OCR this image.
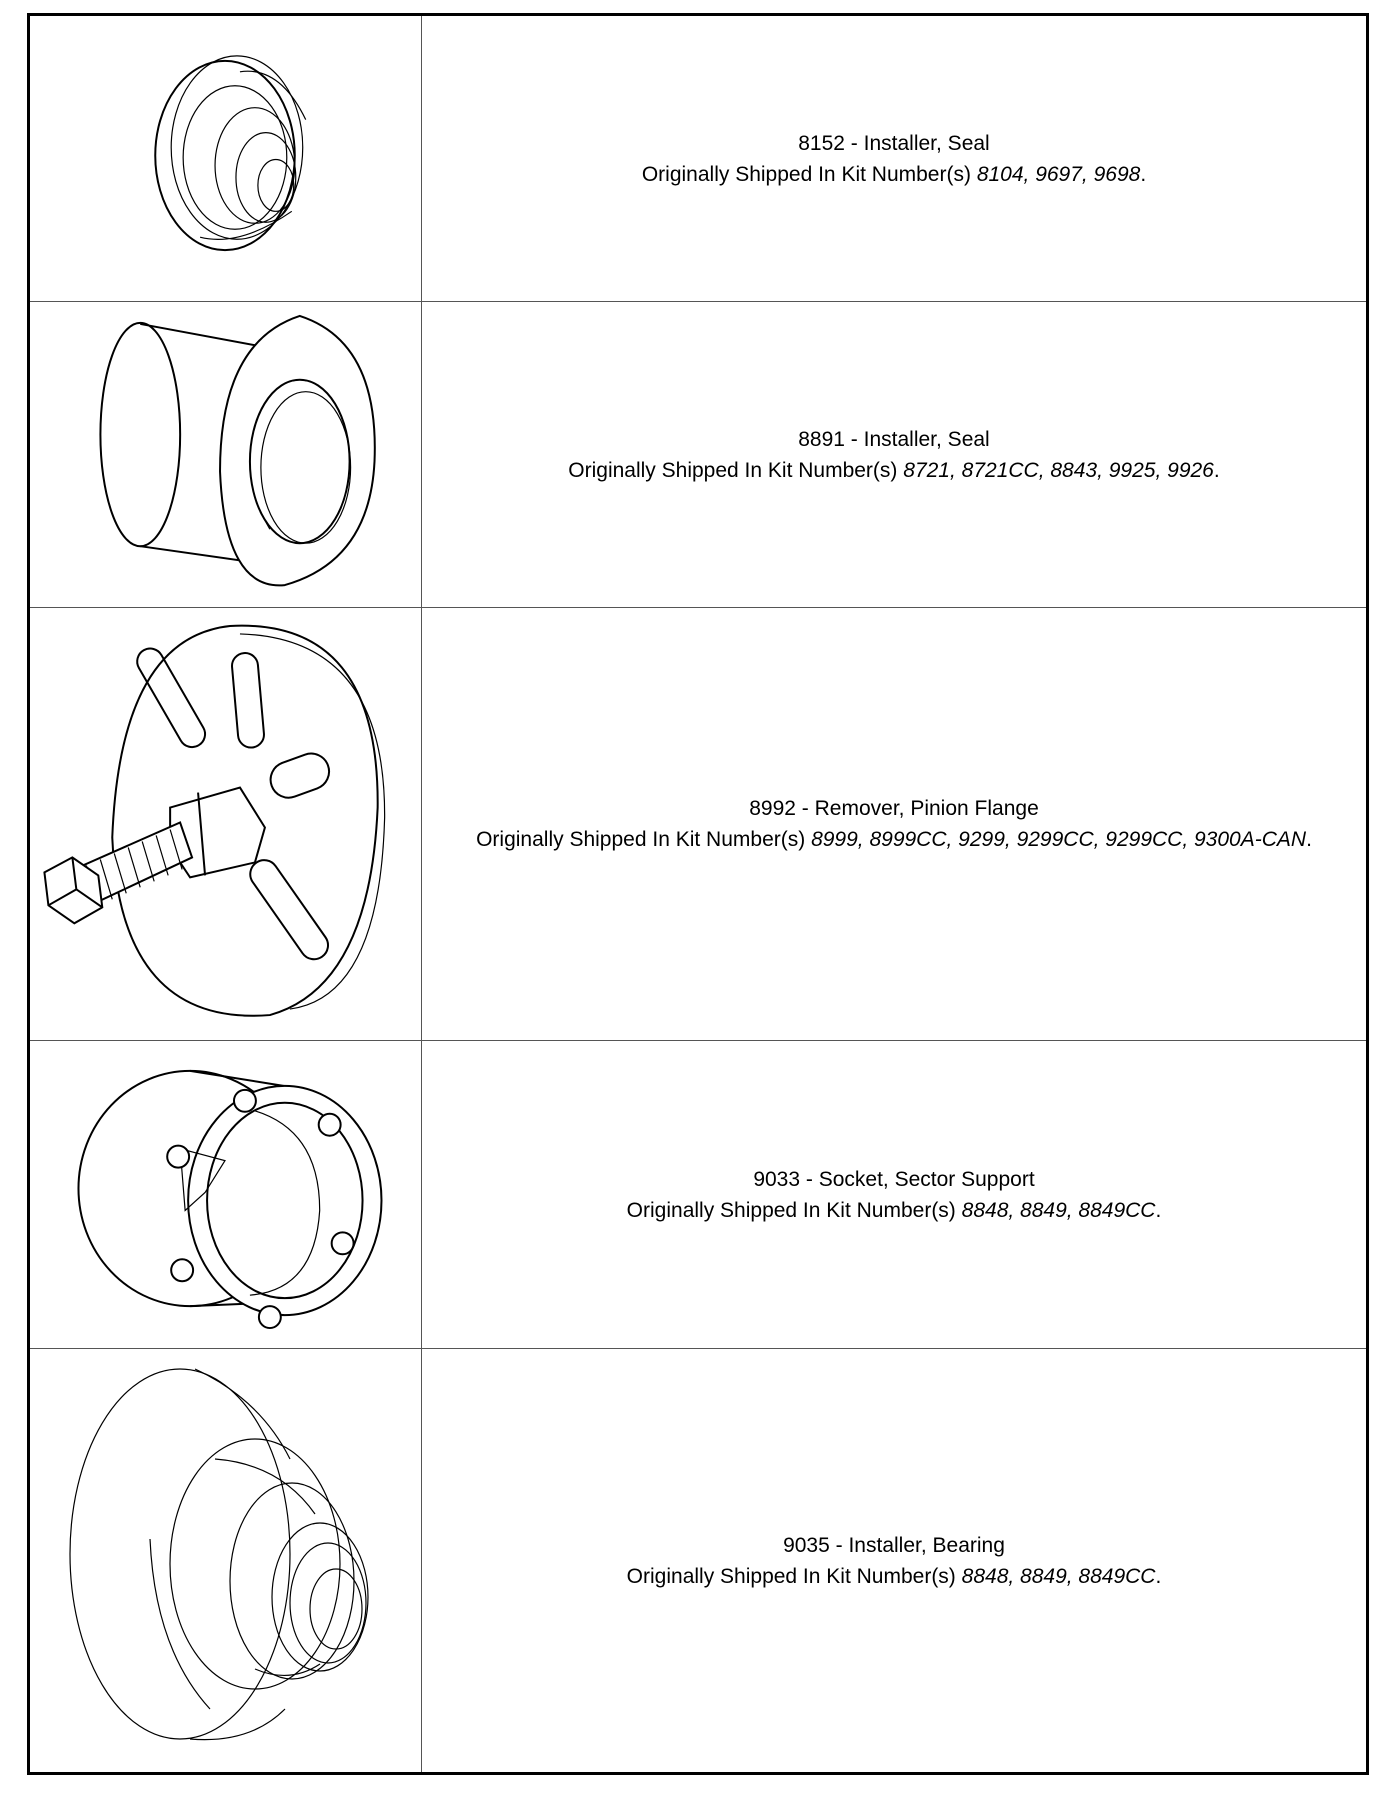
8152 - Installer, Seal
Originally Shipped In Kit Number(s) 8104, 9697, 9698.
8891 - Installer, Seal
Originally Shipped In Kit Number(s) 8721, 8721CC, 8843, 9925, 9926.
8992 - Remover, Pinion Flange
Originally Shipped In Kit Number(s) 8999, 8999CC, 9299, 9299CC, 9299CC, 9300A-CAN.
9033 - Socket, Sector Support
Originally Shipped In Kit Number(s) 8848, 8849, 8849CC.
9035 - Installer, Bearing
Originally Shipped In Kit Number(s) 8848, 8849, 8849CC.
